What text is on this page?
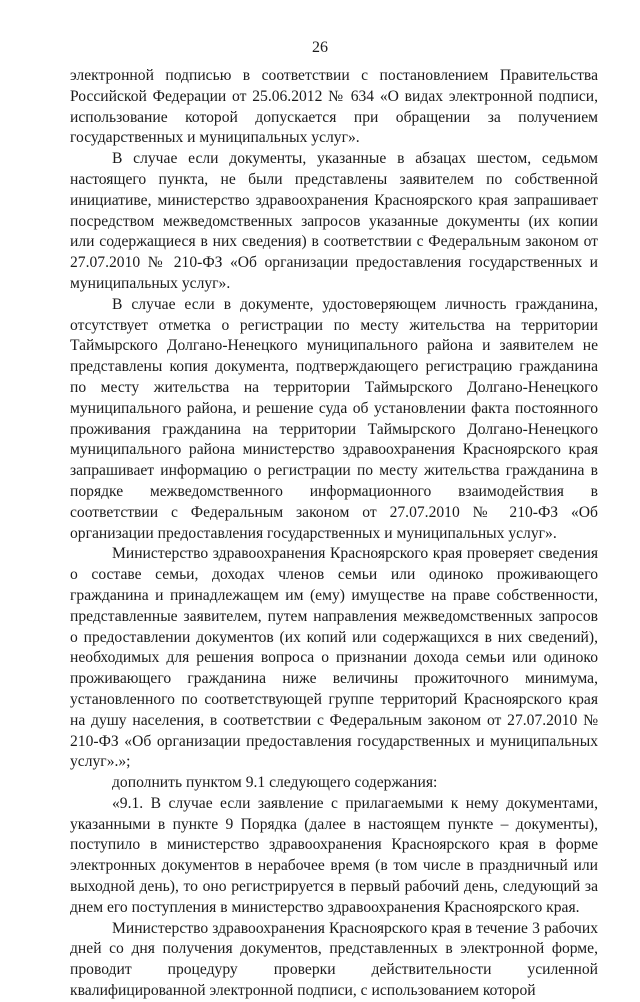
26

электронной подписью в соответствии с постановлением Правительства Российской Федерации от 25.06.2012 № 634 «О видах электронной подписи, использование которой допускается при обращении за получением государственных и муниципальных услуг».

В случае если документы, указанные в абзацах шестом, седьмом настоящего пункта, не были представлены заявителем по собственной инициативе, министерство здравоохранения Красноярского края запрашивает посредством межведомственных запросов указанные документы (их копии или содержащиеся в них сведения) в соответствии с Федеральным законом от 27.07.2010 № 210-ФЗ «Об организации предоставления государственных и муниципальных услуг».

В случае если в документе, удостоверяющем личность гражданина, отсутствует отметка о регистрации по месту жительства на территории Таймырского Долгано-Ненецкого муниципального района и заявителем не представлены копия документа, подтверждающего регистрацию гражданина по месту жительства на территории Таймырского Долгано-Ненецкого муниципального района, и решение суда об установлении факта постоянного проживания гражданина на территории Таймырского Долгано-Ненецкого муниципального района министерство здравоохранения Красноярского края запрашивает информацию о регистрации по месту жительства гражданина в порядке межведомственного информационного взаимодействия в соответствии с Федеральным законом от 27.07.2010 № 210-ФЗ «Об организации предоставления государственных и муниципальных услуг».

Министерство здравоохранения Красноярского края проверяет сведения о составе семьи, доходах членов семьи или одиноко проживающего гражданина и принадлежащем им (ему) имуществе на праве собственности, представленные заявителем, путем направления межведомственных запросов о предоставлении документов (их копий или содержащихся в них сведений), необходимых для решения вопроса о признании дохода семьи или одиноко проживающего гражданина ниже величины прожиточного минимума, установленного по соответствующей группе территорий Красноярского края на душу населения, в соответствии с Федеральным законом от 27.07.2010 № 210-ФЗ «Об организации предоставления государственных и муниципальных услуг».»;

дополнить пунктом 9.1 следующего содержания:

«9.1. В случае если заявление с прилагаемыми к нему документами, указанными в пункте 9 Порядка (далее в настоящем пункте – документы), поступило в министерство здравоохранения Красноярского края в форме электронных документов в нерабочее время (в том числе в праздничный или выходной день), то оно регистрируется в первый рабочий день, следующий за днем его поступления в министерство здравоохранения Красноярского края.

Министерство здравоохранения Красноярского края в течение 3 рабочих дней со дня получения документов, представленных в электронной форме, проводит процедуру проверки действительности усиленной квалифицированной электронной подписи, с использованием которой
